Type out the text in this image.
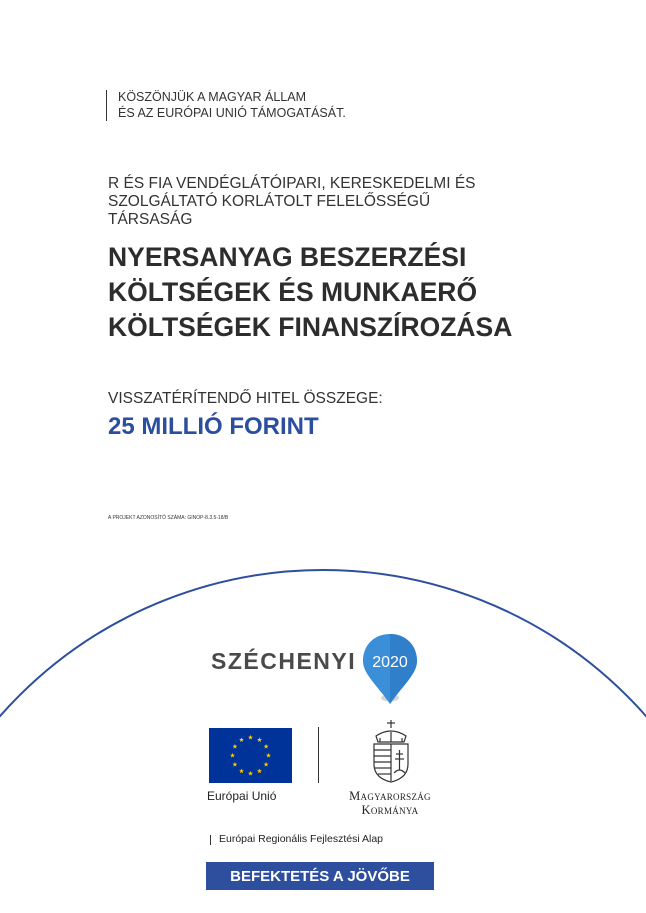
KÖSZÖNJÜK A MAGYAR ÁLLAM
ÉS AZ EURÓPAI UNIÓ TÁMOGATÁSÁT.
R ÉS FIA VENDÉGLÁTÓIPARI, KERESKEDELMI ÉS
SZOLGÁLTATÓ KORLÁTOLT FELELŐSSÉGŰ
TÁRSASÁG
NYERSANYAG BESZERZÉSI
KÖLTSÉGEK ÉS MUNKAERŐ
KÖLTSÉGEK FINANSZÍROZÁSA
VISSZATÉRÍTENDŐ HITEL ÖSSZEGE:
25 MILLIÓ FORINT
A PROJEKT AZONOSÍTÓ SZÁMA: GINOP-8.3.5-18/B
SZÉCHENYI 2020
Európai Unió	Magyarország
Kormánya
Európai Regionális Fejlesztési Alap
BEFEKTETÉS A JÖVŐBE
